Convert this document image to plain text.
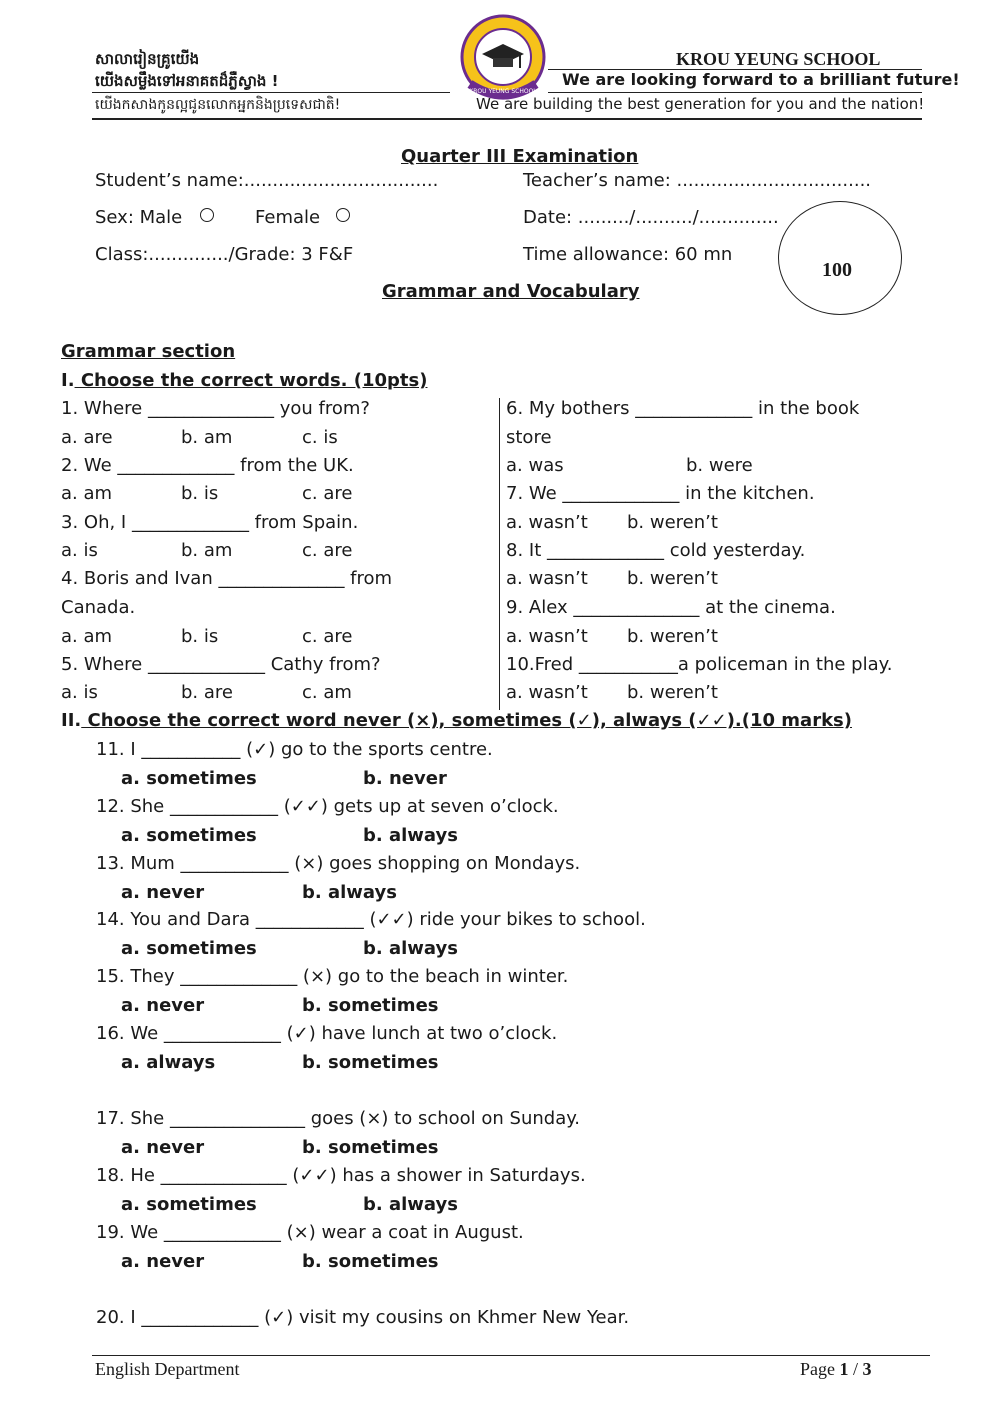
សាលារៀនគ្រូយើង
យើងសម្លឹងទៅអនាគតដ៏ភ្លឺស្វាង !
យើងកសាងកូនល្អជូនលោកអ្នកនិងប្រទេសជាតិ!
KROU YEUNG SCHOOL
KROU YEUNG SCHOOL
We are looking forward to a brilliant future!
We are building the best generation for you and the nation!
Quarter III Examination
Student’s name:..................................	Teacher’s name: ..................................
Sex: Male	Female	Date: ........./........../..............
Class:............../Grade: 3 F&F	Time allowance: 60 mn
100
Grammar and Vocabulary
Grammar section
I. Choose the correct words. (10pts)
1. Where ______________ you from?
a. are	b. am	c. is
2. We _____________ from the UK.
a. am	b. is	c. are
3. Oh, I _____________ from Spain.
a. is	b. am	c. are
4. Boris and Ivan ______________ from
Canada.
a. am	b. is	c. are
5. Where _____________ Cathy from?
a. is	b. are	c. am
6. My bothers _____________ in the book
store
a. was	b. were
7. We _____________ in the kitchen.
a. wasn’t b. weren’t
8. It _____________ cold yesterday.
a. wasn’t b. weren’t
9. Alex ______________ at the cinema.
a. wasn’t b. weren’t
10.Fred ___________a policeman in the play.
a. wasn’t b. weren’t
II. Choose the correct word never (×), sometimes (✓), always (✓✓).(10 marks)
11. I ___________ (✓) go to the sports centre.
a. sometimes	b. never
12. She ____________ (✓✓) gets up at seven o’clock.
a. sometimes	b. always
13. Mum ____________ (×) goes shopping on Mondays.
a. never	b. always
14. You and Dara ____________ (✓✓) ride your bikes to school.
a. sometimes	b. always
15. They _____________ (×) go to the beach in winter.
a. never	b. sometimes
16. We _____________ (✓) have lunch at two o’clock.
a. always	b. sometimes
17. She _______________ goes (×) to school on Sunday.
a. never	b. sometimes
18. He ______________ (✓✓) has a shower in Saturdays.
a. sometimes	b. always
19. We _____________ (×) wear a coat in August.
a. never	b. sometimes
20. I _____________ (✓) visit my cousins on Khmer New Year.
English Department	Page 1 / 3
